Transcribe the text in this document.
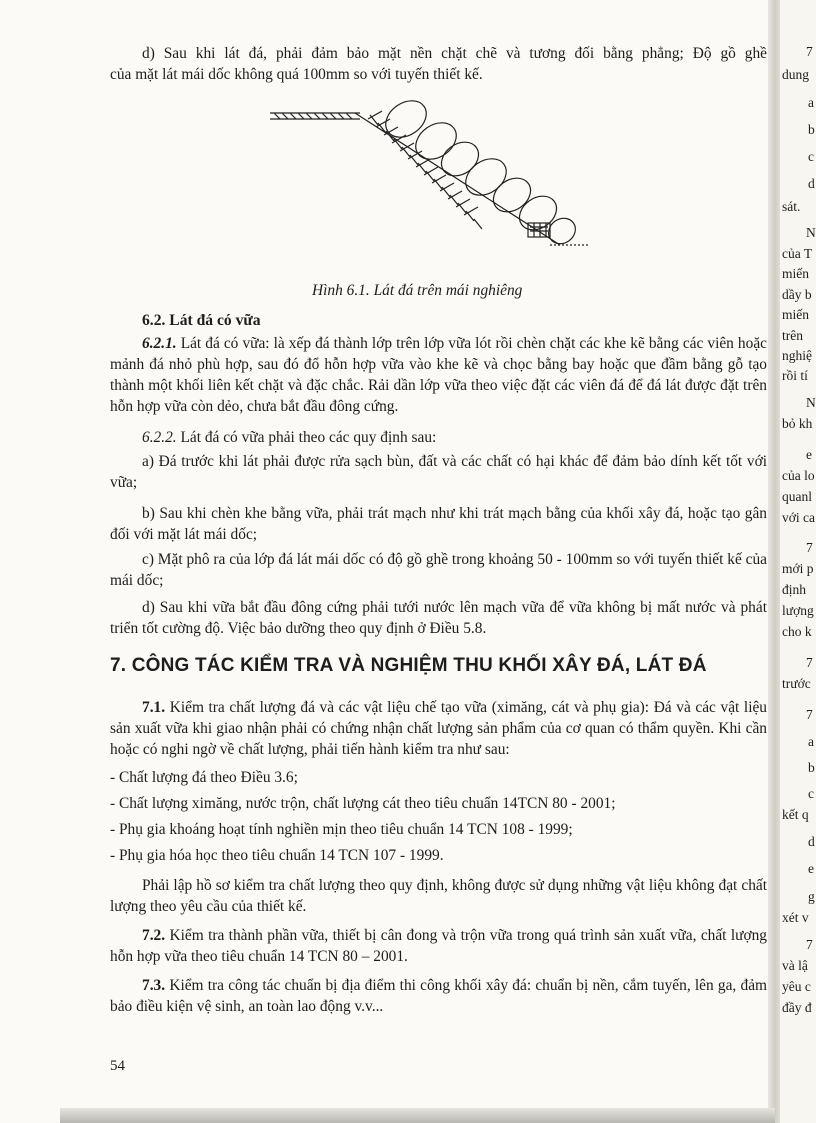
d) Sau khi lát đá, phải đảm bảo mặt nền chặt chẽ và tương đối bằng phẳng; Độ gồ ghề

của mặt lát mái dốc không quá 100mm so với tuyến thiết kế.

Hình 6.1. Lát đá trên mái nghiêng

6.2. Lát đá có vữa

6.2.1. Lát đá có vữa: là xếp đá thành lớp trên lớp vữa lót rồi chèn chặt các khe kẽ bằng các viên hoặc mảnh đá nhỏ phù hợp, sau đó đổ hỗn hợp vữa vào khe kẽ và chọc bằng bay hoặc que đầm bằng gỗ tạo thành một khối liên kết chặt và đặc chắc. Rải dần lớp vữa theo việc đặt các viên đá để đá lát được đặt trên hỗn hợp vữa còn dẻo, chưa bắt đầu đông cứng.

6.2.2. Lát đá có vữa phải theo các quy định sau:

a) Đá trước khi lát phải được rửa sạch bùn, đất và các chất có hại khác để đảm bảo dính kết tốt với vữa;

b) Sau khi chèn khe bằng vữa, phải trát mạch như khi trát mạch bằng của khối xây đá, hoặc tạo gân đối với mặt lát mái dốc;

c) Mặt phô ra của lớp đá lát mái dốc có độ gồ ghề trong khoảng 50 - 100mm so với tuyến thiết kế của mái dốc;

d) Sau khi vữa bắt đầu đông cứng phải tưới nước lên mạch vữa để vữa không bị mất nước và phát triển tốt cường độ. Việc bảo dưỡng theo quy định ở Điều 5.8.

7. CÔNG TÁC KIỂM TRA VÀ NGHIỆM THU KHỐI XÂY ĐÁ, LÁT ĐÁ

7.1. Kiểm tra chất lượng đá và các vật liệu chế tạo vữa (ximăng, cát và phụ gia): Đá và các vật liệu sản xuất vữa khi giao nhận phải có chứng nhận chất lượng sản phẩm của cơ quan có thẩm quyền. Khi cần hoặc có nghi ngờ về chất lượng, phải tiến hành kiểm tra như sau:

- Chất lượng đá theo Điều 3.6;

- Chất lượng ximăng, nước trộn, chất lượng cát theo tiêu chuẩn 14TCN 80 - 2001;

- Phụ gia khoáng hoạt tính nghiền mịn theo tiêu chuẩn 14 TCN 108 - 1999;

- Phụ gia hóa học theo tiêu chuẩn 14 TCN 107 - 1999.

Phải lập hồ sơ kiểm tra chất lượng theo quy định, không được sử dụng những vật liệu không đạt chất lượng theo yêu cầu của thiết kế.

7.2. Kiểm tra thành phần vữa, thiết bị cân đong và trộn vữa trong quá trình sản xuất vữa, chất lượng hỗn hợp vữa theo tiêu chuẩn 14 TCN 80 – 2001.

7.3. Kiểm tra công tác chuẩn bị địa điểm thi công khối xây đá: chuẩn bị nền, cắm tuyến, lên ga, đảm bảo điều kiện vệ sinh, an toàn lao động v.v...

54

7

dung

a

b

c

d

sát.

N

của T

miến

dầy b

miến

trên

nghiệ

rồi tí

N

bỏ kh

e

của lo

quanl

với ca

7

mới p

định

lượng

cho k

7

trước

7

a

b

c

kết q

d

e

g

xét v

7

và lậ

yêu c

đầy đ
